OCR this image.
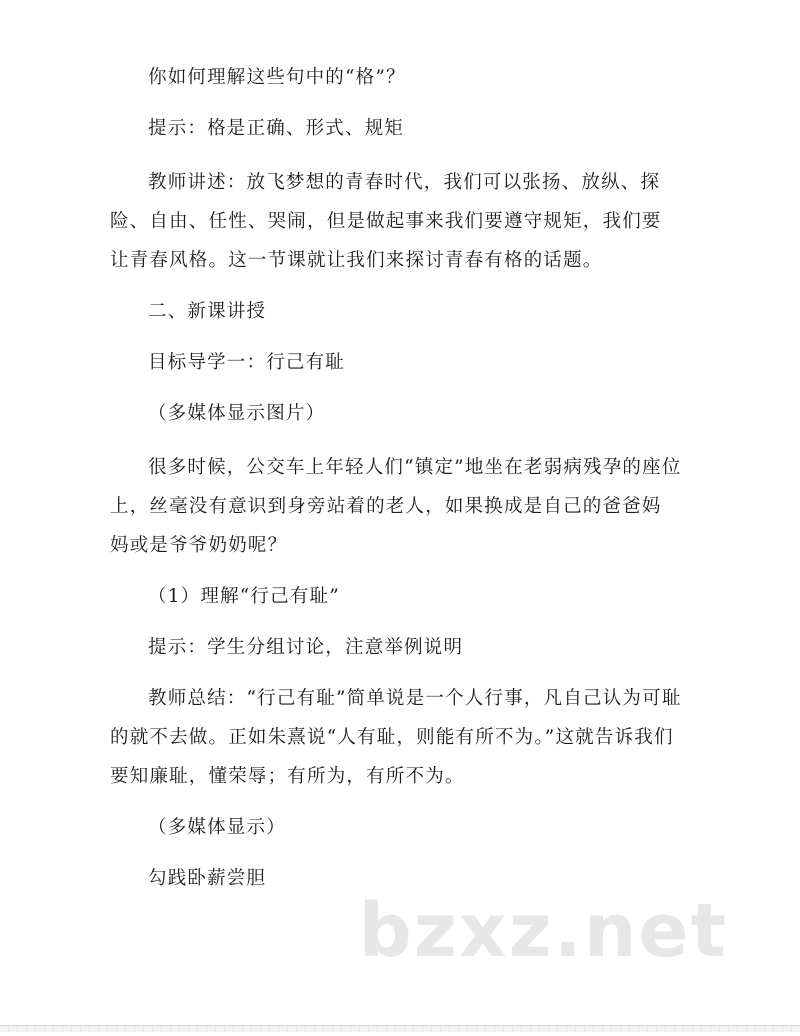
你如何理解这些句中的“格”？

提示：格是正确、形式、规矩

教师讲述：放飞梦想的青春时代，我们可以张扬、放纵、探

险、自由、任性、哭闹，但是做起事来我们要遵守规矩，我们要

让青春风格。这一节课就让我们来探讨青春有格的话题。

二、新课讲授

目标导学一：行己有耻

（多媒体显示图片）

很多时候，公交车上年轻人们“镇定”地坐在老弱病残孕的座位

上，丝毫没有意识到身旁站着的老人，如果换成是自己的爸爸妈

妈或是爷爷奶奶呢？

（1）理解“行己有耻”

提示：学生分组讨论，注意举例说明

教师总结：“行己有耻”简单说是一个人行事，凡自己认为可耻

的就不去做。正如朱熹说“人有耻，则能有所不为。”这就告诉我们

要知廉耻，懂荣辱；有所为，有所不为。

（多媒体显示）

勾践卧薪尝胆

bzxz.net
